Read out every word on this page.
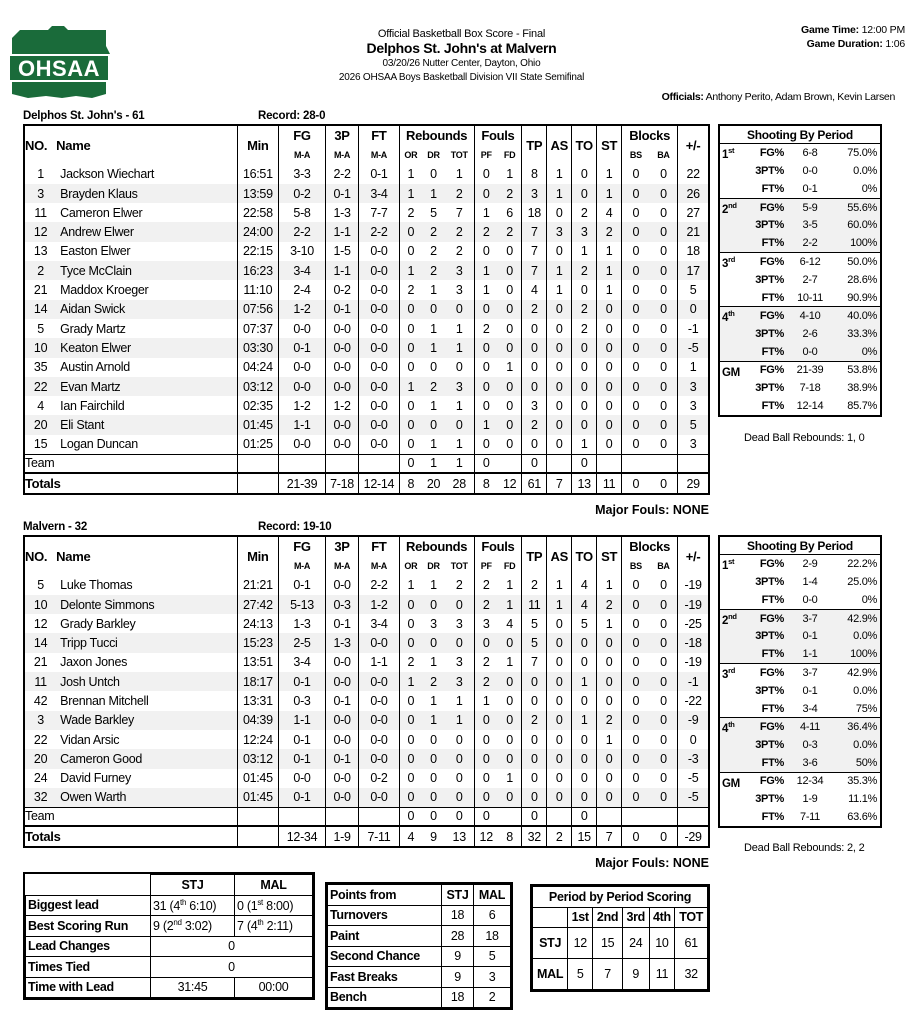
OHSAA
Official Basketball Box Score - Final
Delphos St. John's at Malvern
03/20/26 Nutter Center, Dayton, Ohio
2026 OHSAA Boys Basketball Division VII State Semifinal
Game Time: 12:00 PM
Game Duration: 1:06
Officials: Anthony Perito, Adam Brown, Kevin Larsen
Delphos St. John's - 61	Record: 28-0
NO.	Name	Min	FG	3P	FT	Rebounds			Fouls		TP	AS	TO	ST	Blocks		+/-
			M-A	M-A	M-A	OR	DR	TOT	PF	FD					BS	BA	
1	Jackson Wiechart	16:51	3-3	2-2	0-1	1	0	1	0	1	8	1	0	1	0	0	22
3	Brayden Klaus	13:59	0-2	0-1	3-4	1	1	2	0	2	3	1	0	1	0	0	26
11	Cameron Elwer	22:58	5-8	1-3	7-7	2	5	7	1	6	18	0	2	4	0	0	27
12	Andrew Elwer	24:00	2-2	1-1	2-2	0	2	2	2	2	7	3	3	2	0	0	21
13	Easton Elwer	22:15	3-10	1-5	0-0	0	2	2	0	0	7	0	1	1	0	0	18
2	Tyce McClain	16:23	3-4	1-1	0-0	1	2	3	1	0	7	1	2	1	0	0	17
21	Maddox Kroeger	11:10	2-4	0-2	0-0	2	1	3	1	0	4	1	0	1	0	0	5
14	Aidan Swick	07:56	1-2	0-1	0-0	0	0	0	0	0	2	0	2	0	0	0	0
5	Grady Martz	07:37	0-0	0-0	0-0	0	1	1	2	0	0	0	2	0	0	0	-1
10	Keaton Elwer	03:30	0-1	0-0	0-0	0	1	1	0	0	0	0	0	0	0	0	-5
35	Austin Arnold	04:24	0-0	0-0	0-0	0	0	0	0	1	0	0	0	0	0	0	1
22	Evan Martz	03:12	0-0	0-0	0-0	1	2	3	0	0	0	0	0	0	0	0	3
4	Ian Fairchild	02:35	1-2	1-2	0-0	0	1	1	0	0	3	0	0	0	0	0	3
20	Eli Stant	01:45	1-1	0-0	0-0	0	0	0	1	0	2	0	0	0	0	0	5
15	Logan Duncan	01:25	0-0	0-0	0-0	0	1	1	0	0	0	0	1	0	0	0	3
Team						0	1	1	0		0		0				
Totals			21-39	7-18	12-14	8	20	28	8	12	61	7	13	11	0	0	29
Major Fouls: NONE
Shooting By Period
1st	FG%	6-8	75.0%
	3PT%	0-0	0.0%
	FT%	0-1	0%
2nd	FG%	5-9	55.6%
	3PT%	3-5	60.0%
	FT%	2-2	100%
3rd	FG%	6-12	50.0%
	3PT%	2-7	28.6%
	FT%	10-11	90.9%
4th	FG%	4-10	40.0%
	3PT%	2-6	33.3%
	FT%	0-0	0%
GM	FG%	21-39	53.8%
	3PT%	7-18	38.9%
	FT%	12-14	85.7%
Dead Ball Rebounds: 1, 0
Malvern - 32	Record: 19-10
NO.	Name	Min	FG	3P	FT	Rebounds			Fouls		TP	AS	TO	ST	Blocks		+/-
			M-A	M-A	M-A	OR	DR	TOT	PF	FD					BS	BA	
5	Luke Thomas	21:21	0-1	0-0	2-2	1	1	2	2	1	2	1	4	1	0	0	-19
10	Delonte Simmons	27:42	5-13	0-3	1-2	0	0	0	2	1	11	1	4	2	0	0	-19
12	Grady Barkley	24:13	1-3	0-1	3-4	0	3	3	3	4	5	0	5	1	0	0	-25
14	Tripp Tucci	15:23	2-5	1-3	0-0	0	0	0	0	0	5	0	0	0	0	0	-18
21	Jaxon Jones	13:51	3-4	0-0	1-1	2	1	3	2	1	7	0	0	0	0	0	-19
11	Josh Untch	18:17	0-1	0-0	0-0	1	2	3	2	0	0	0	1	0	0	0	-1
42	Brennan Mitchell	13:31	0-3	0-1	0-0	0	1	1	1	0	0	0	0	0	0	0	-22
3	Wade Barkley	04:39	1-1	0-0	0-0	0	1	1	0	0	2	0	1	2	0	0	-9
22	Vidan Arsic	12:24	0-1	0-0	0-0	0	0	0	0	0	0	0	0	1	0	0	0
20	Cameron Good	03:12	0-1	0-1	0-0	0	0	0	0	0	0	0	0	0	0	0	-3
24	David Furney	01:45	0-0	0-0	0-2	0	0	0	0	1	0	0	0	0	0	0	-5
32	Owen Warth	01:45	0-1	0-0	0-0	0	0	0	0	0	0	0	0	0	0	0	-5
Team						0	0	0	0		0		0				
Totals			12-34	1-9	7-11	4	9	13	12	8	32	2	15	7	0	0	-29
Major Fouls: NONE
Shooting By Period
1st	FG%	2-9	22.2%
	3PT%	1-4	25.0%
	FT%	0-0	0%
2nd	FG%	3-7	42.9%
	3PT%	0-1	0.0%
	FT%	1-1	100%
3rd	FG%	3-7	42.9%
	3PT%	0-1	0.0%
	FT%	3-4	75%
4th	FG%	4-11	36.4%
	3PT%	0-3	0.0%
	FT%	3-6	50%
GM	FG%	12-34	35.3%
	3PT%	1-9	11.1%
	FT%	7-11	63.6%
Dead Ball Rebounds: 2, 2
	STJ	MAL
Biggest lead	31 (4th 6:10)	0 (1st 8:00)
Best Scoring Run	9 (2nd 3:02)	7 (4th 2:11)
Lead Changes	0	
Times Tied	0	
Time with Lead	31:45	00:00
Points from	STJ	MAL
Turnovers	18	6
Paint	28	18
Second Chance	9	5
Fast Breaks	9	3
Bench	18	2
Period by Period Scoring					
	1st	2nd	3rd	4th	TOT
STJ	12	15	24	10	61
MAL	5	7	9	11	32
